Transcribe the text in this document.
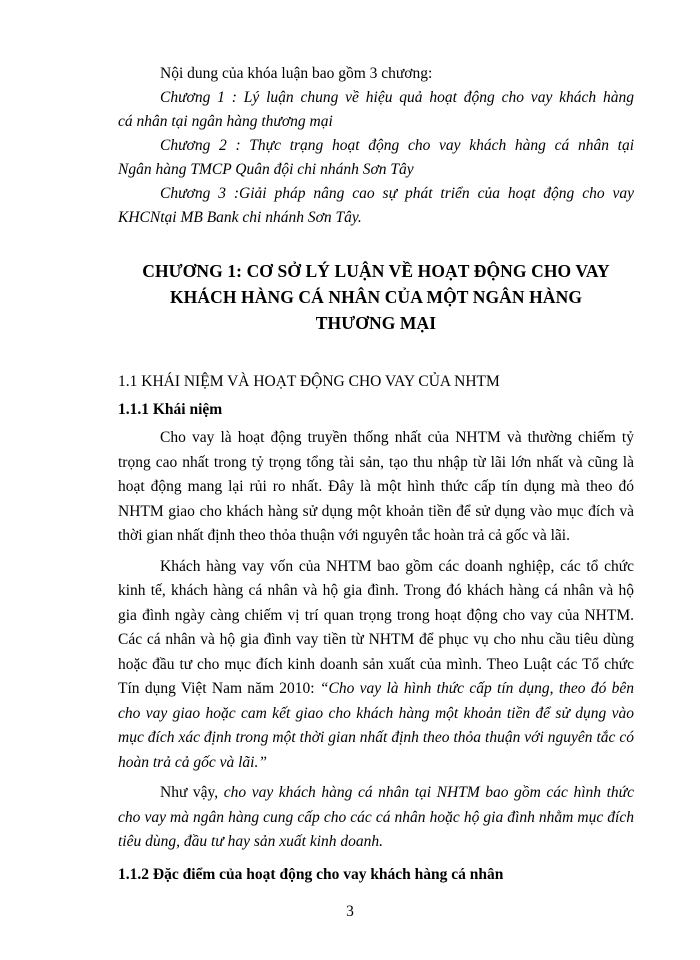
Nội dung của khóa luận bao gồm 3 chương:

Chương 1 : Lý luận chung về hiệu quả hoạt động cho vay khách hàng

cá nhân tại ngân hàng thương mại

Chương 2 : Thực trạng hoạt động cho vay khách hàng cá nhân tại

Ngân hàng TMCP Quân đội chi nhánh Sơn Tây

Chương 3 :Giải pháp nâng cao sự phát triển của hoạt động cho vay

KHCNtại MB Bank chi nhánh Sơn Tây.

CHƯƠNG 1: CƠ SỞ LÝ LUẬN VỀ HOẠT ĐỘNG CHO VAY
KHÁCH HÀNG CÁ NHÂN CỦA MỘT NGÂN HÀNG
THƯƠNG MẠI

1.1 KHÁI NIỆM VÀ HOẠT ĐỘNG CHO VAY CỦA NHTM

1.1.1 Khái niệm

Cho vay là hoạt động truyền thống nhất của NHTM và thường chiếm tỷ trọng cao nhất trong tỷ trọng tổng tài sản, tạo thu nhập từ lãi lớn nhất và cũng là hoạt động mang lại rủi ro nhất. Đây là một hình thức cấp tín dụng mà theo đó NHTM giao cho khách hàng sử dụng một khoản tiền để sử dụng vào mục đích và thời gian nhất định theo thỏa thuận với nguyên tắc hoàn trả cả gốc và lãi.

Khách hàng vay vốn của NHTM bao gồm các doanh nghiệp, các tổ chức kinh tế, khách hàng cá nhân và hộ gia đình. Trong đó khách hàng cá nhân và hộ gia đình ngày càng chiếm vị trí quan trọng trong hoạt động cho vay của NHTM. Các cá nhân và hộ gia đình vay tiền từ NHTM để phục vụ cho nhu cầu tiêu dùng hoặc đầu tư cho mục đích kinh doanh sản xuất của mình. Theo Luật các Tổ chức Tín dụng Việt Nam năm 2010: “Cho vay là hình thức cấp tín dụng, theo đó bên cho vay giao hoặc cam kết giao cho khách hàng một khoản tiền để sử dụng vào mục đích xác định trong một thời gian nhất định theo thỏa thuận với nguyên tắc có hoàn trả cả gốc và lãi.”

Như vậy, cho vay khách hàng cá nhân tại NHTM bao gồm các hình thức cho vay mà ngân hàng cung cấp cho các cá nhân hoặc hộ gia đình nhằm mục đích tiêu dùng, đầu tư hay sản xuất kinh doanh.

1.1.2 Đặc điểm của hoạt động cho vay khách hàng cá nhân

3
